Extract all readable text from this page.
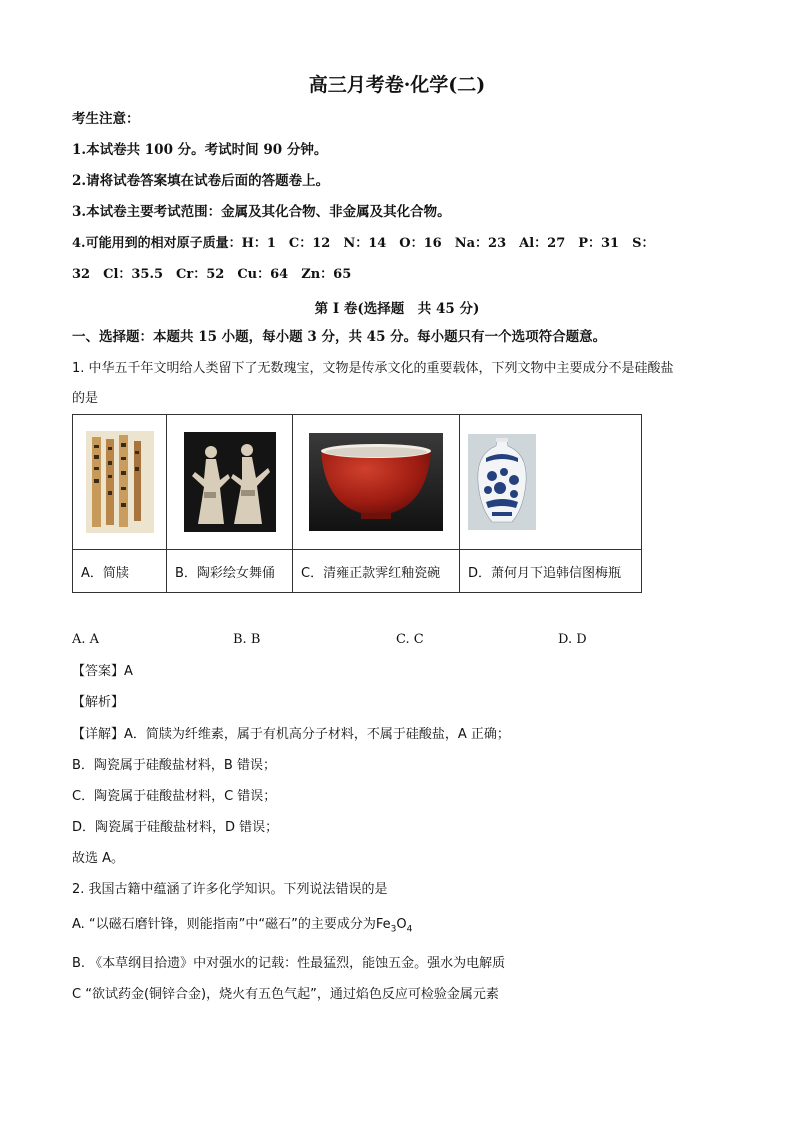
高三月考卷·化学(二)
考生注意：
1.本试卷共 100 分。考试时间 90 分钟。
2.请将试卷答案填在试卷后面的答题卷上。
3.本试卷主要考试范围：金属及其化合物、非金属及其化合物。
4.可能用到的相对原子质量：H：1　C：12　N：14　O：16　Na：23　Al：27　P：31　S：
32　Cl：35.5　Cr：52　Cu：64　Zn：65
第 I 卷(选择题　共 45 分)
一、选择题：本题共 15 小题，每小题 3 分，共 45 分。每小题只有一个选项符合题意。
1. 中华五千年文明给人类留下了无数瑰宝，文物是传承文化的重要载体，下列文物中主要成分不是硅酸盐
的是

A．简牍	B．陶彩绘女舞俑	C．清雍正款霁红釉瓷碗	D．萧何月下追韩信图梅瓶
A. A	B. B	C. C	D. D
【答案】A
【解析】
【详解】A．简牍为纤维素，属于有机高分子材料，不属于硅酸盐，A 正确；
B．陶瓷属于硅酸盐材料，B 错误；
C．陶瓷属于硅酸盐材料，C 错误；
D．陶瓷属于硅酸盐材料，D 错误；
故选 A。
2. 我国古籍中蕴涵了许多化学知识。下列说法错误的是
A. “以磁石磨针锋，则能指南”中“磁石”的主要成分为$Fe_3O_4$
B. 《本草纲目拾遗》中对强水的记载：性最猛烈，能蚀五金。强水为电解质
C “欲试药金(铜锌合金)，烧火有五色气起”，通过焰色反应可检验金属元素
